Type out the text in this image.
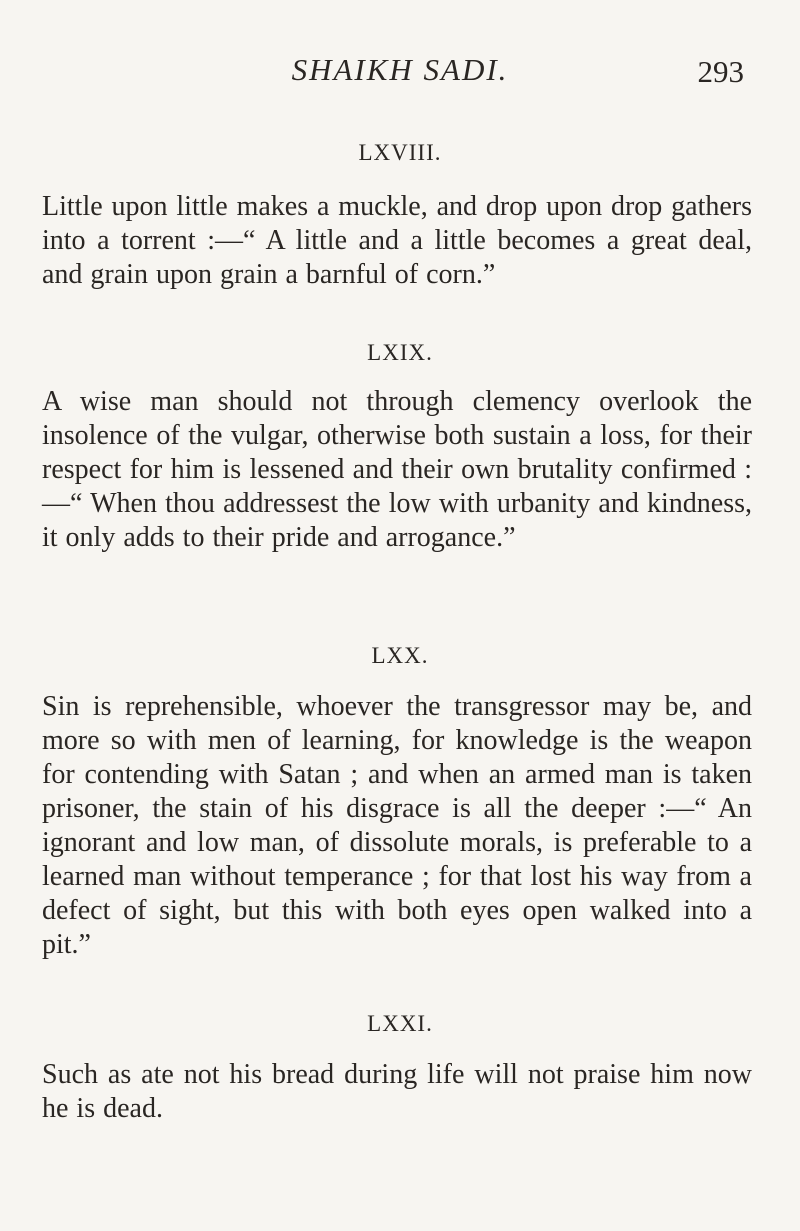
SHAIKH SADI.	293
LXVIII.

Little upon little makes a muckle, and drop upon drop gathers into a torrent :—“ A little and a little becomes a great deal, and grain upon grain a barnful of corn.”

LXIX.

A wise man should not through clemency overlook the insolence of the vulgar, otherwise both sustain a loss, for their respect for him is lessened and their own brutality confirmed :—“ When thou addressest the low with urbanity and kindness, it only adds to their pride and arrogance.”

LXX.

Sin is reprehensible, whoever the transgressor may be, and more so with men of learning, for knowledge is the weapon for contending with Satan ; and when an armed man is taken prisoner, the stain of his disgrace is all the deeper :—“ An ignorant and low man, of dissolute morals, is preferable to a learned man without temperance ; for that lost his way from a defect of sight, but this with both eyes open walked into a pit.”

LXXI.

Such as ate not his bread during life will not praise him now he is dead.
